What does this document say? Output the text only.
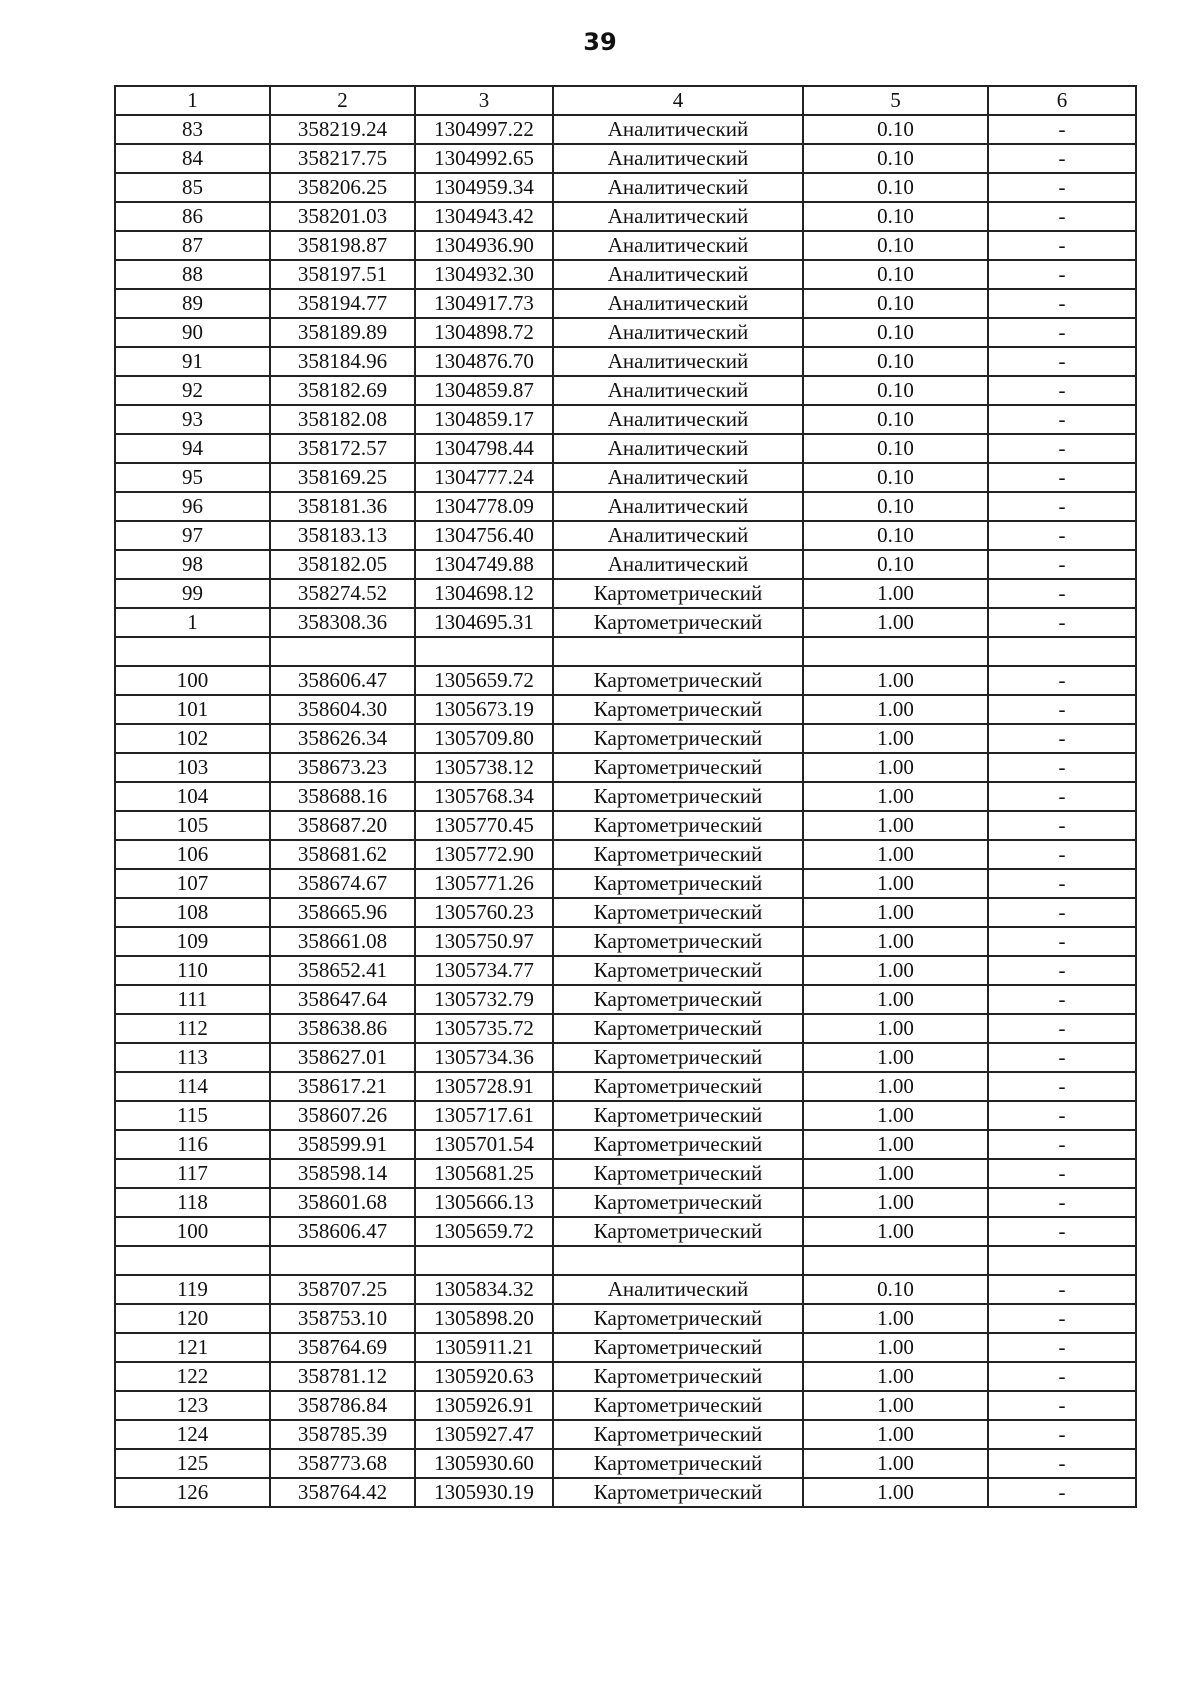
39
1	2	3	4	5	6
83	358219.24	1304997.22	Аналитический	0.10	-
84	358217.75	1304992.65	Аналитический	0.10	-
85	358206.25	1304959.34	Аналитический	0.10	-
86	358201.03	1304943.42	Аналитический	0.10	-
87	358198.87	1304936.90	Аналитический	0.10	-
88	358197.51	1304932.30	Аналитический	0.10	-
89	358194.77	1304917.73	Аналитический	0.10	-
90	358189.89	1304898.72	Аналитический	0.10	-
91	358184.96	1304876.70	Аналитический	0.10	-
92	358182.69	1304859.87	Аналитический	0.10	-
93	358182.08	1304859.17	Аналитический	0.10	-
94	358172.57	1304798.44	Аналитический	0.10	-
95	358169.25	1304777.24	Аналитический	0.10	-
96	358181.36	1304778.09	Аналитический	0.10	-
97	358183.13	1304756.40	Аналитический	0.10	-
98	358182.05	1304749.88	Аналитический	0.10	-
99	358274.52	1304698.12	Картометрический	1.00	-
1	358308.36	1304695.31	Картометрический	1.00	-

100	358606.47	1305659.72	Картометрический	1.00	-
101	358604.30	1305673.19	Картометрический	1.00	-
102	358626.34	1305709.80	Картометрический	1.00	-
103	358673.23	1305738.12	Картометрический	1.00	-
104	358688.16	1305768.34	Картометрический	1.00	-
105	358687.20	1305770.45	Картометрический	1.00	-
106	358681.62	1305772.90	Картометрический	1.00	-
107	358674.67	1305771.26	Картометрический	1.00	-
108	358665.96	1305760.23	Картометрический	1.00	-
109	358661.08	1305750.97	Картометрический	1.00	-
110	358652.41	1305734.77	Картометрический	1.00	-
111	358647.64	1305732.79	Картометрический	1.00	-
112	358638.86	1305735.72	Картометрический	1.00	-
113	358627.01	1305734.36	Картометрический	1.00	-
114	358617.21	1305728.91	Картометрический	1.00	-
115	358607.26	1305717.61	Картометрический	1.00	-
116	358599.91	1305701.54	Картометрический	1.00	-
117	358598.14	1305681.25	Картометрический	1.00	-
118	358601.68	1305666.13	Картометрический	1.00	-
100	358606.47	1305659.72	Картометрический	1.00	-

119	358707.25	1305834.32	Аналитический	0.10	-
120	358753.10	1305898.20	Картометрический	1.00	-
121	358764.69	1305911.21	Картометрический	1.00	-
122	358781.12	1305920.63	Картометрический	1.00	-
123	358786.84	1305926.91	Картометрический	1.00	-
124	358785.39	1305927.47	Картометрический	1.00	-
125	358773.68	1305930.60	Картометрический	1.00	-
126	358764.42	1305930.19	Картометрический	1.00	-
